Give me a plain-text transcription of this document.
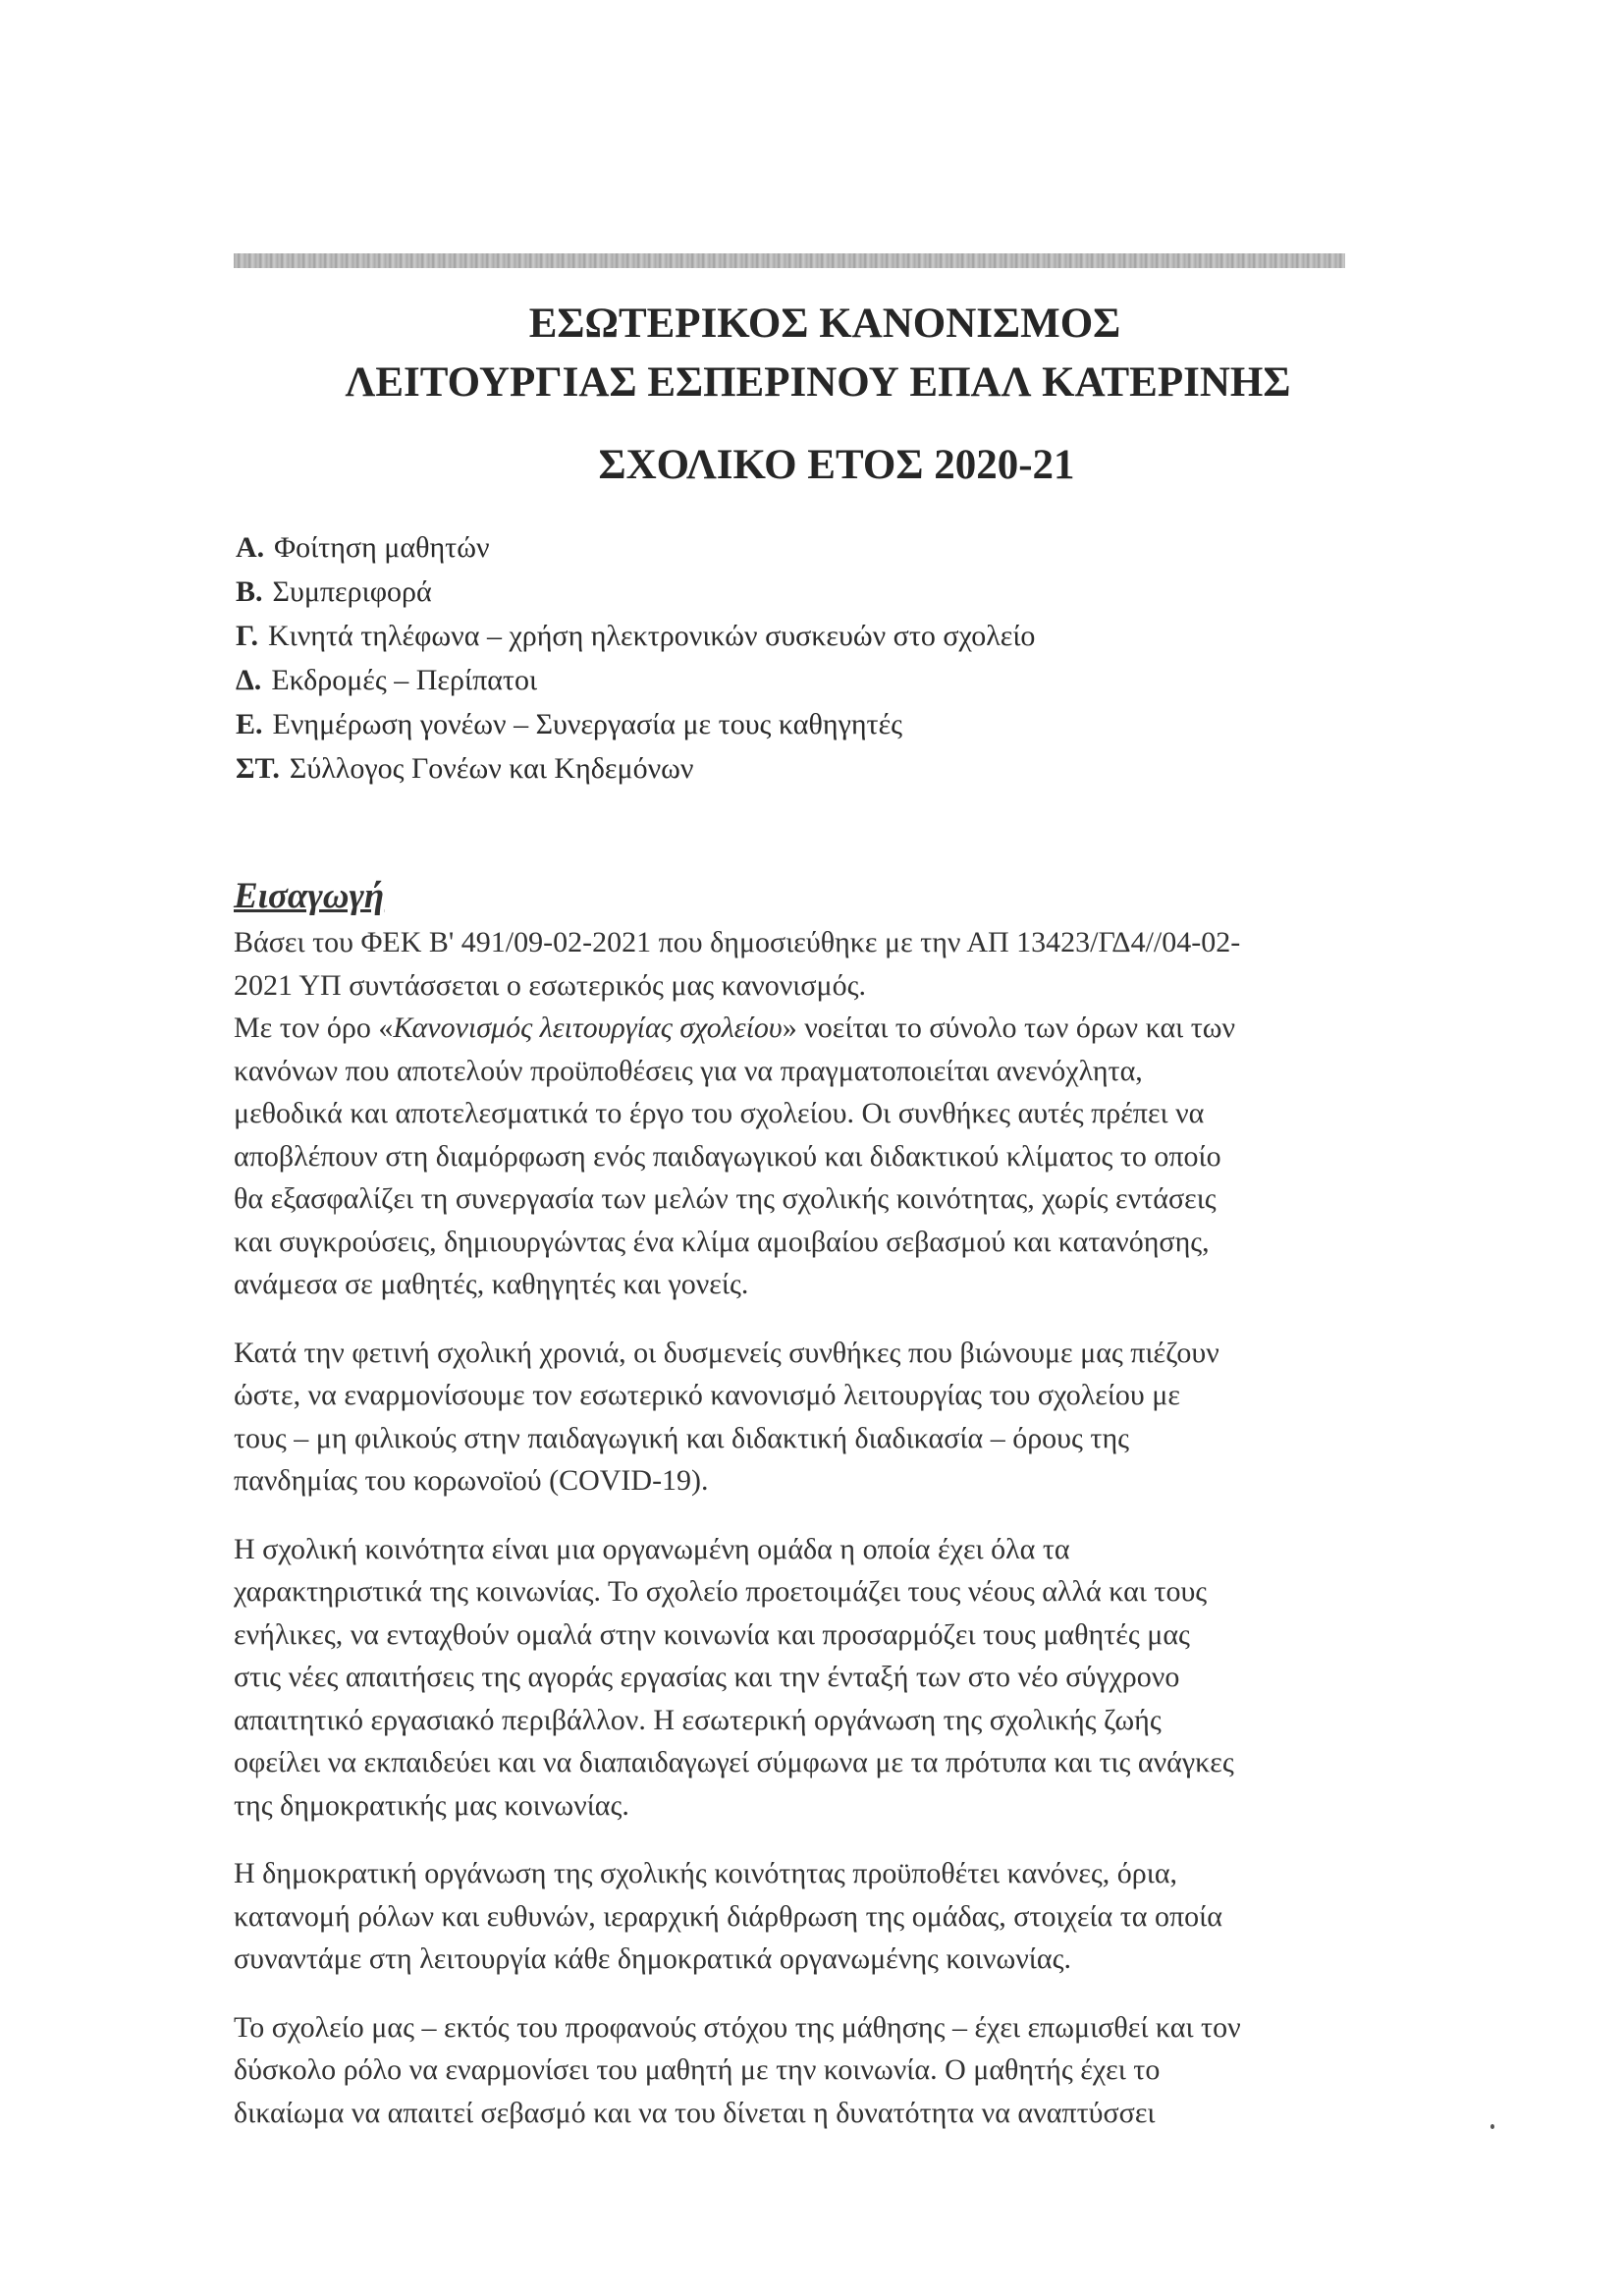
ΕΣΩΤΕΡΙΚΟΣ ΚΑΝΟΝΙΣΜΟΣ
ΛΕΙΤΟΥΡΓΙΑΣ ΕΣΠΕΡΙΝΟΥ ΕΠΑΛ ΚΑΤΕΡΙΝΗΣ
ΣΧΟΛΙΚΟ ΕΤΟΣ 2020-21
Α. Φοίτηση μαθητών
Β. Συμπεριφορά
Γ. Κινητά τηλέφωνα – χρήση ηλεκτρονικών συσκευών στο σχολείο
Δ. Εκδρομές – Περίπατοι
Ε. Ενημέρωση γονέων – Συνεργασία με τους καθηγητές
ΣΤ. Σύλλογος Γονέων και Κηδεμόνων
Εισαγωγή
Βάσει του ΦΕΚ Β' 491/09-02-2021 που δημοσιεύθηκε με την ΑΠ 13423/ΓΔ4//04-02-
2021 ΥΠ συντάσσεται ο εσωτερικός μας κανονισμός.
Με τον όρο «Κανονισμός λειτουργίας σχολείου» νοείται το σύνολο των όρων και των
κανόνων που αποτελούν προϋποθέσεις για να πραγματοποιείται ανενόχλητα,
μεθοδικά και αποτελεσματικά το έργο του σχολείου. Οι συνθήκες αυτές πρέπει να
αποβλέπουν στη διαμόρφωση ενός παιδαγωγικού και διδακτικού κλίματος το οποίο
θα εξασφαλίζει τη συνεργασία των μελών της σχολικής κοινότητας, χωρίς εντάσεις
και συγκρούσεις, δημιουργώντας ένα κλίμα αμοιβαίου σεβασμού και κατανόησης,
ανάμεσα σε μαθητές, καθηγητές και γονείς.
Κατά την φετινή σχολική χρονιά, οι δυσμενείς συνθήκες που βιώνουμε μας πιέζουν
ώστε, να εναρμονίσουμε τον εσωτερικό κανονισμό λειτουργίας του σχολείου με
τους – μη φιλικούς στην παιδαγωγική και διδακτική διαδικασία – όρους της
πανδημίας του κορωνοϊού (COVID-19).
Η σχολική κοινότητα είναι μια οργανωμένη ομάδα η οποία έχει όλα τα
χαρακτηριστικά της κοινωνίας. Το σχολείο προετοιμάζει τους νέους αλλά και τους
ενήλικες, να ενταχθούν ομαλά στην κοινωνία και προσαρμόζει τους μαθητές μας
στις νέες απαιτήσεις της αγοράς εργασίας και την ένταξή των στο νέο σύγχρονο
απαιτητικό εργασιακό περιβάλλον. Η εσωτερική οργάνωση της σχολικής ζωής
οφείλει να εκπαιδεύει και να διαπαιδαγωγεί σύμφωνα με τα πρότυπα και τις ανάγκες
της δημοκρατικής μας κοινωνίας.
Η δημοκρατική οργάνωση της σχολικής κοινότητας προϋποθέτει κανόνες, όρια,
κατανομή ρόλων και ευθυνών, ιεραρχική διάρθρωση της ομάδας, στοιχεία τα οποία
συναντάμε στη λειτουργία κάθε δημοκρατικά οργανωμένης κοινωνίας.
Το σχολείο μας – εκτός του προφανούς στόχου της μάθησης – έχει επωμισθεί και τον
δύσκολο ρόλο να εναρμονίσει του μαθητή με την κοινωνία. Ο μαθητής έχει το
δικαίωμα να απαιτεί σεβασμό και να του δίνεται η δυνατότητα να αναπτύσσει
